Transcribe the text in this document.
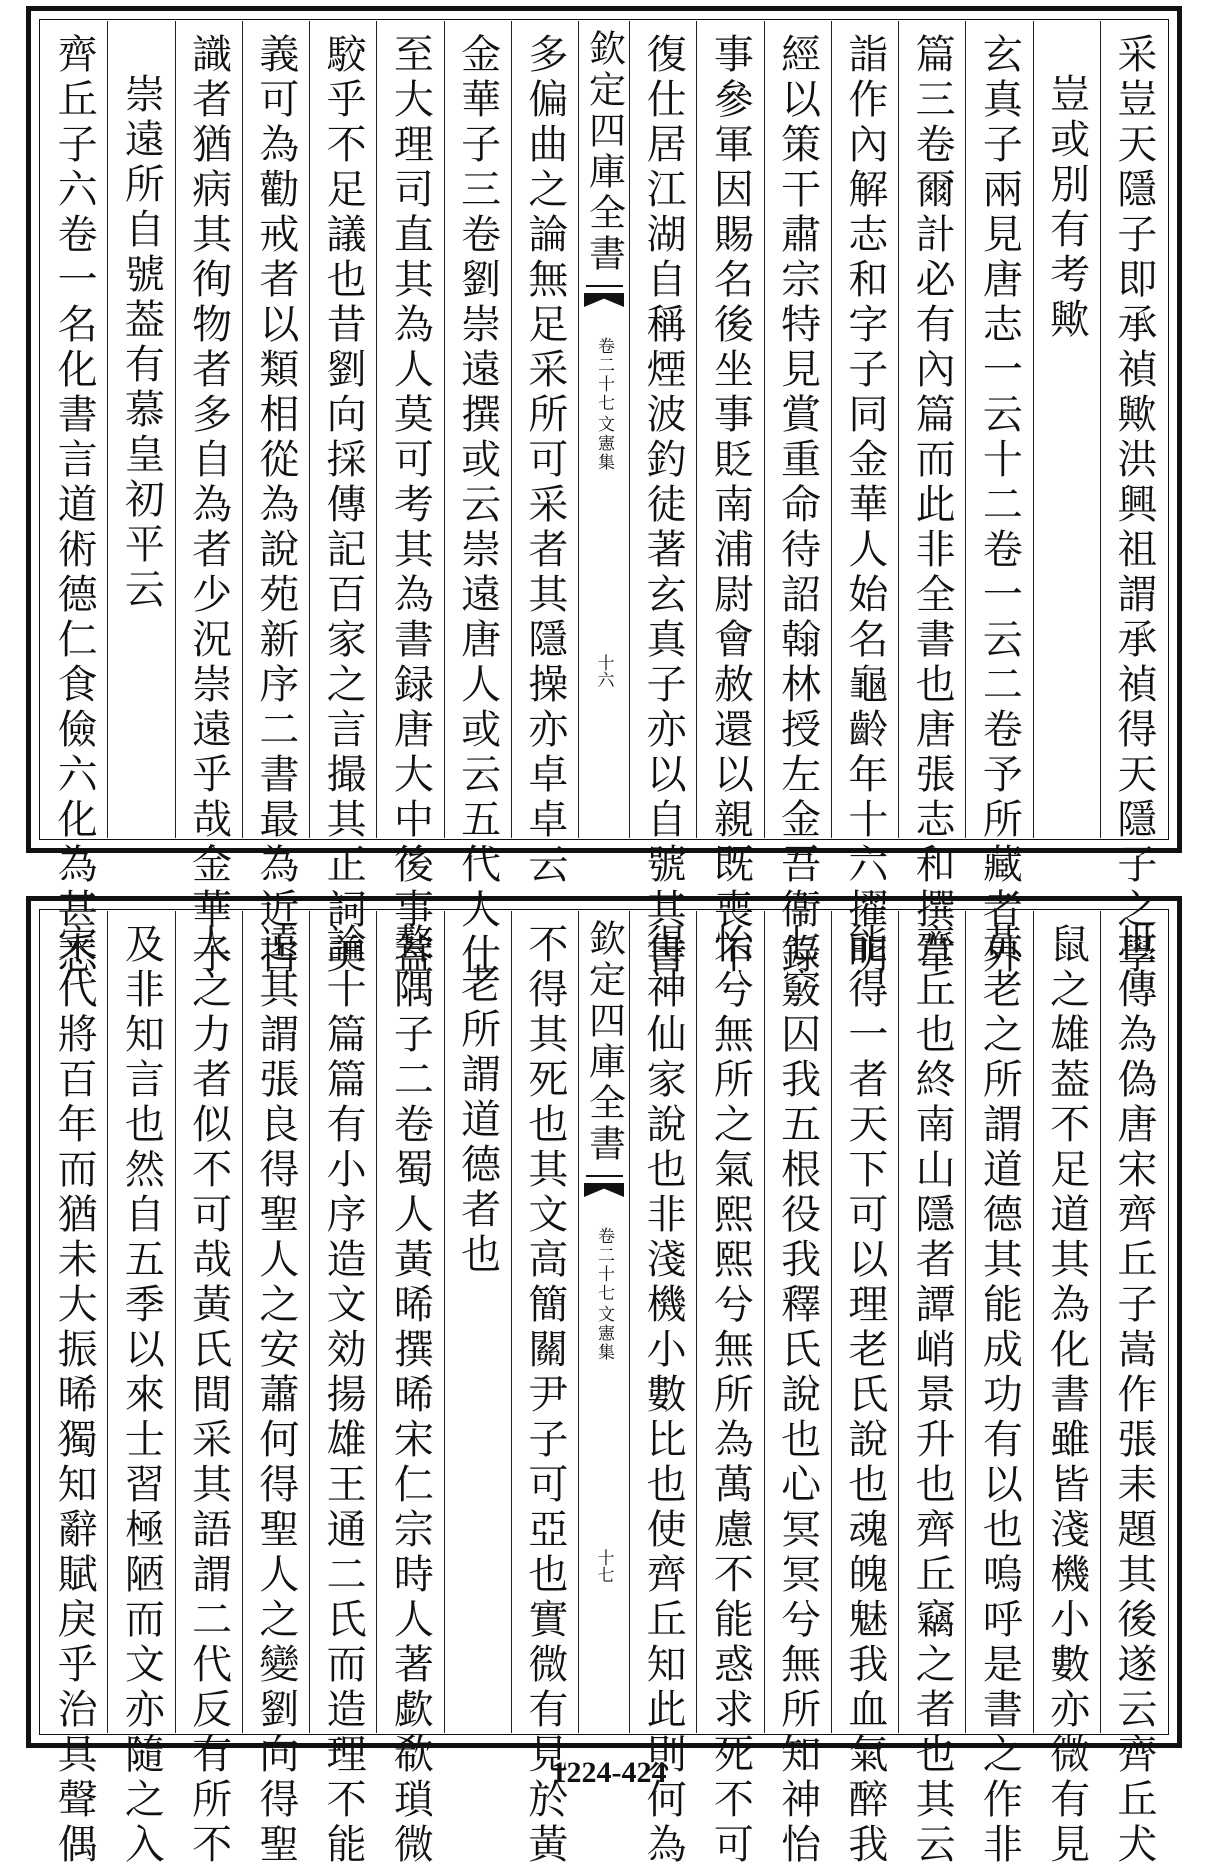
采豈天隱子即承禎歟洪興祖謂承禎得天隱子之學
豈或別有考歟
玄真子兩見唐志一云十二卷一云二卷予所藏者外
篇三卷爾計必有內篇而此非全書也唐張志和撰韋
詣作內解志和字子同金華人始名龜齡年十六擢明
經以策干肅宗特見賞重命待詔翰林授左金吾衞錄
事參軍因賜名後坐事貶南浦尉會赦還以親既喪不
復仕居江湖自稱煙波釣徒著玄真子亦以自號其書
欽定四庫全書
文憲集
卷二十七
十六
多偏曲之論無足采所可采者其隱操亦卓卓云
金華子三卷劉崇遠撰或云崇遠唐人或云五代人仕
至大理司直其為人莫可考其為書録唐大中後事葢
駮乎不足議也昔劉向採傳記百家之言撮其正詞美
義可為勸戒者以類相從為說苑新序二書最為近古
識者猶病其徇物者多自為者少況崇遠乎哉金華子
崇遠所自號葢有慕皇初平云
齊丘子六卷一名化書言道術德仁食儉六化為甚悉
世傳為偽唐宋齊丘子嵩作張耒題其後遂云齊丘犬
鼠之雄葢不足道其為化書雖皆淺機小數亦微有見
黃老之所謂道德其能成功有以也嗚呼是書之作非
齊丘也終南山隱者譚峭景升也齊丘竊之者也其云
能得一者天下可以理老氏說也魂魄魅我血氣醉我
七竅囚我五根役我釋氏說也心冥冥兮無所知神怡
怡兮無所之氣熙熙兮無所為萬慮不能惑求死不可
得神仙家說也非淺機小數比也使齊丘知此則何為
欽定四庫全書
文憲集
卷二十七
十七
不得其死也其文高簡關尹子可亞也實微有見於黃
老所謂道德者也
聱隅子二卷蜀人黃晞撰晞宋仁宗時人著歔欷瑣微
論十篇篇有小序造文効揚雄王通二氏而造理不能
遠其謂張良得聖人之安蕭何得聖人之變劉向得聖
人之力者似不可哉黃氏間采其語謂二代反有所不
及非知言也然自五季以來士習極陋而文亦隨之入
宋代將百年而猶未大振晞獨知辭賦戾乎治具聲偶	1224-424
